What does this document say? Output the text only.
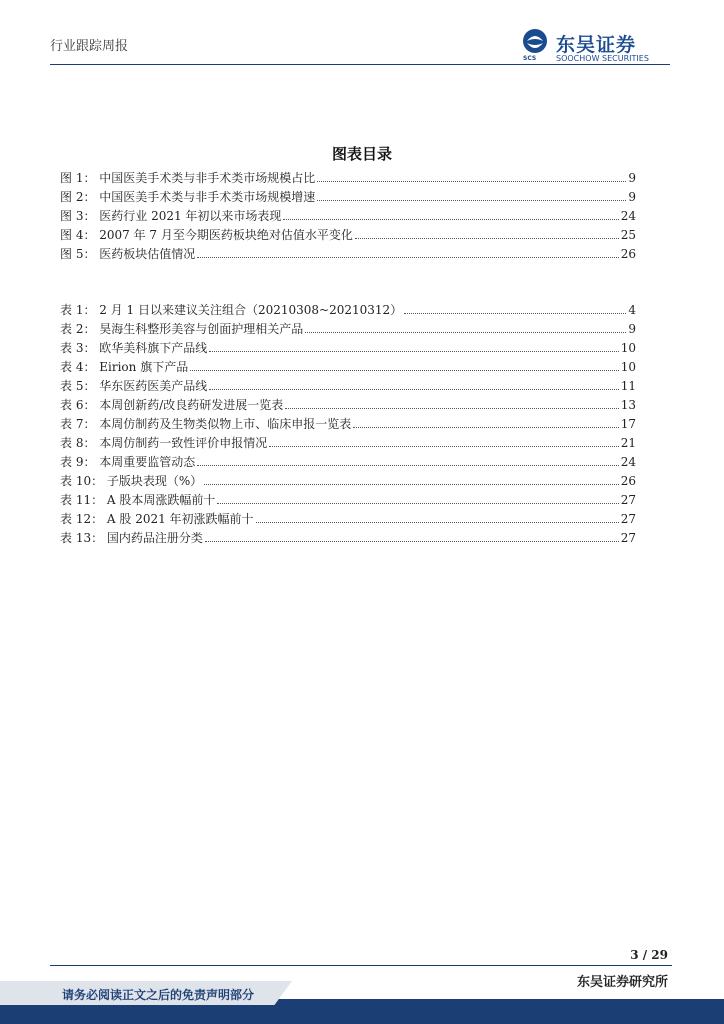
行业跟踪周报
SCS
东吴证券
SOOCHOW SECURITIES
图表目录
图 1： 中国医美手术类与非手术类市场规模占比	9
图 2： 中国医美手术类与非手术类市场规模增速	9
图 3： 医药行业 2021 年初以来市场表现	24
图 4： 2007 年 7 月至今期医药板块绝对估值水平变化	25
图 5： 医药板块估值情况	26
表 1： 2 月 1 日以来建议关注组合（20210308~20210312）	4
表 2： 昊海生科整形美容与创面护理相关产品	9
表 3： 欧华美科旗下产品线	10
表 4： Eirion 旗下产品	10
表 5： 华东医药医美产品线	11
表 6： 本周创新药/改良药研发进展一览表	13
表 7： 本周仿制药及生物类似物上市、临床申报一览表	17
表 8： 本周仿制药一致性评价申报情况	21
表 9： 本周重要监管动态	24
表 10： 子版块表现（%）	26
表 11： A 股本周涨跌幅前十	27
表 12： A 股 2021 年初涨跌幅前十	27
表 13： 国内药品注册分类	27
3 / 29
东吴证券研究所
请务必阅读正文之后的免责声明部分
